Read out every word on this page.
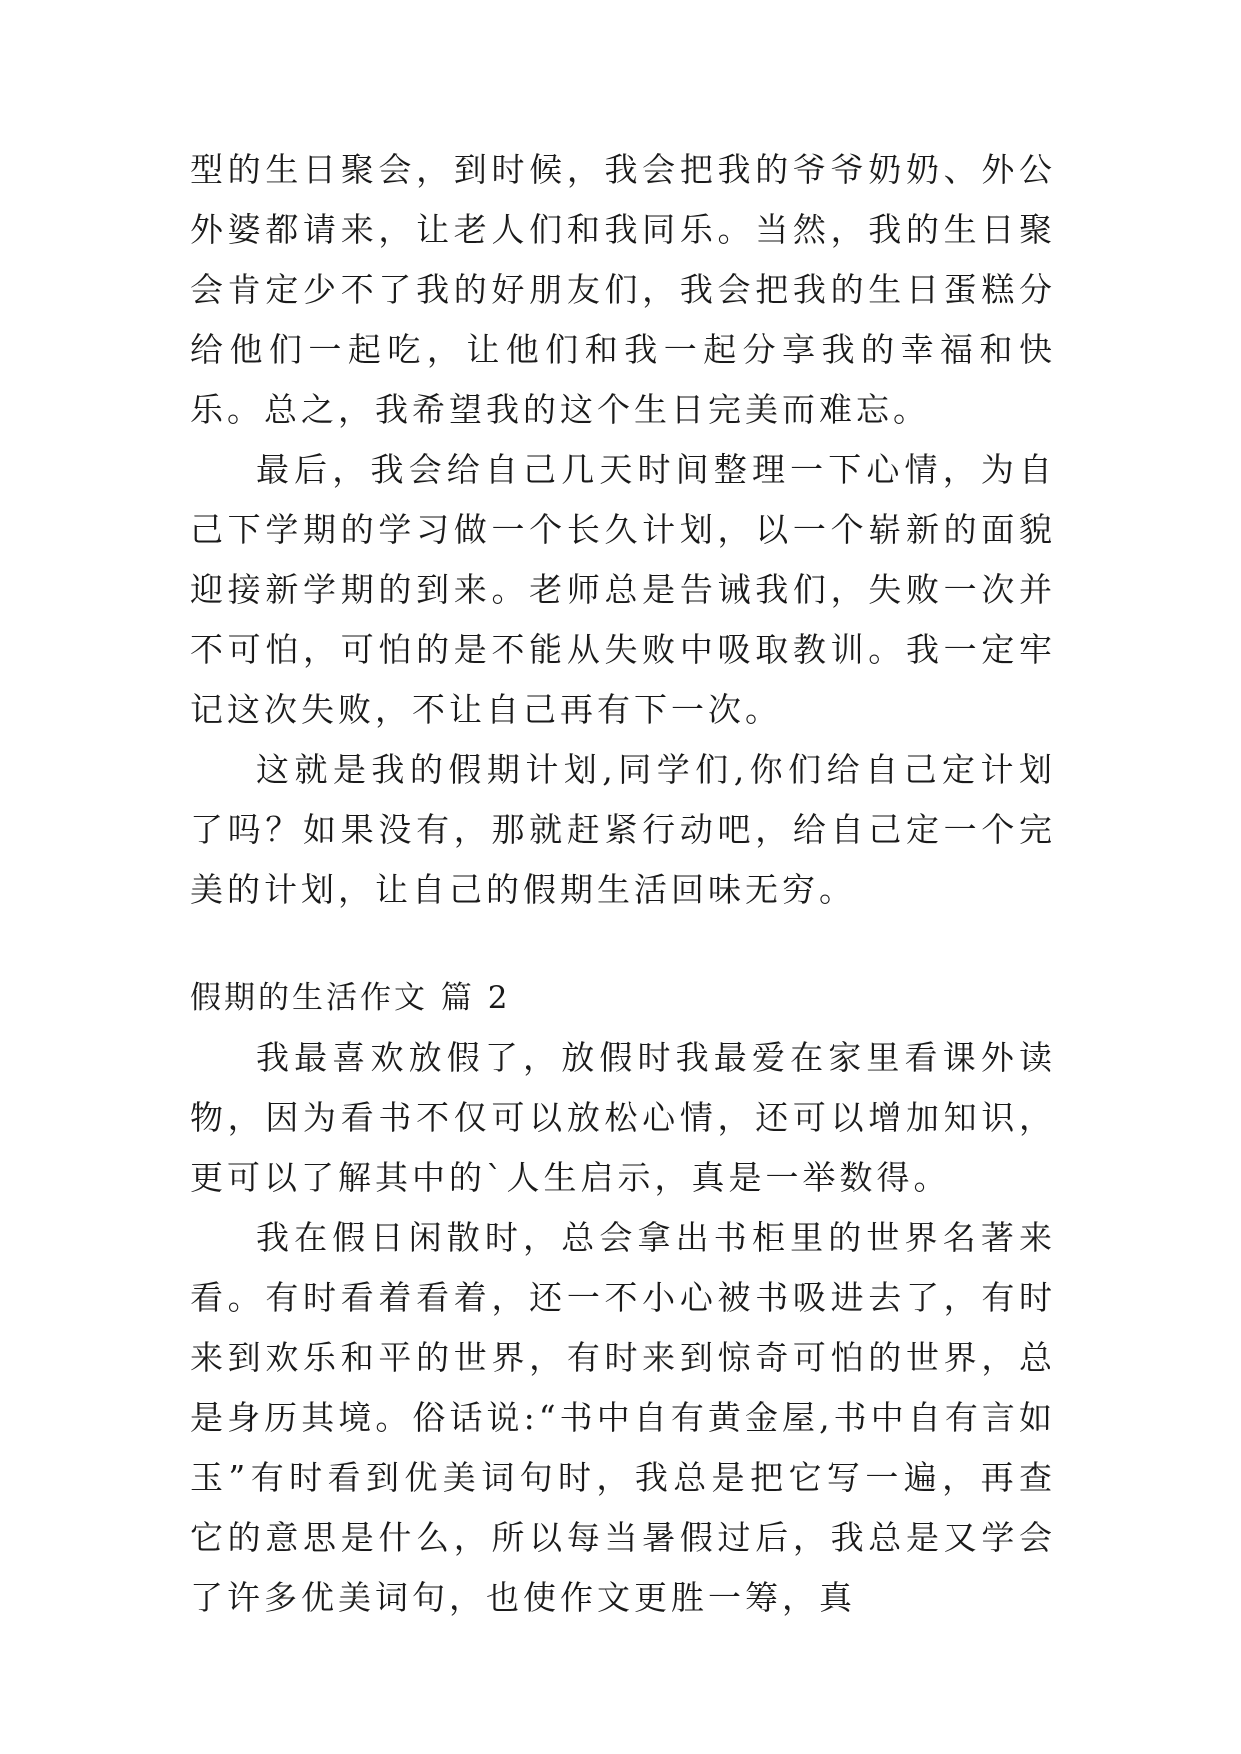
型的生日聚会，到时候，我会把我的爷爷奶奶、外公外婆都请来，让老人们和我同乐。当然，我的生日聚会肯定少不了我的好朋友们，我会把我的生日蛋糕分给他们一起吃，让他们和我一起分享我的幸福和快乐。总之，我希望我的这个生日完美而难忘。

最后，我会给自己几天时间整理一下心情，为自己下学期的学习做一个长久计划，以一个崭新的面貌迎接新学期的到来。老师总是告诫我们，失败一次并不可怕，可怕的是不能从失败中吸取教训。我一定牢记这次失败，不让自己再有下一次。

这就是我的假期计划,同学们,你们给自己定计划了吗？如果没有，那就赶紧行动吧，给自己定一个完美的计划，让自己的假期生活回味无穷。

假期的生活作文 篇 2

我最喜欢放假了，放假时我最爱在家里看课外读物，因为看书不仅可以放松心情，还可以增加知识，更可以了解其中的`人生启示，真是一举数得。

我在假日闲散时，总会拿出书柜里的世界名著来看。有时看着看着，还一不小心被书吸进去了，有时来到欢乐和平的世界，有时来到惊奇可怕的世界，总是身历其境。俗话说:“书中自有黄金屋,书中自有言如玉”有时看到优美词句时，我总是把它写一遍，再查它的意思是什么，所以每当暑假过后，我总是又学会了许多优美词句，也使作文更胜一筹，真
